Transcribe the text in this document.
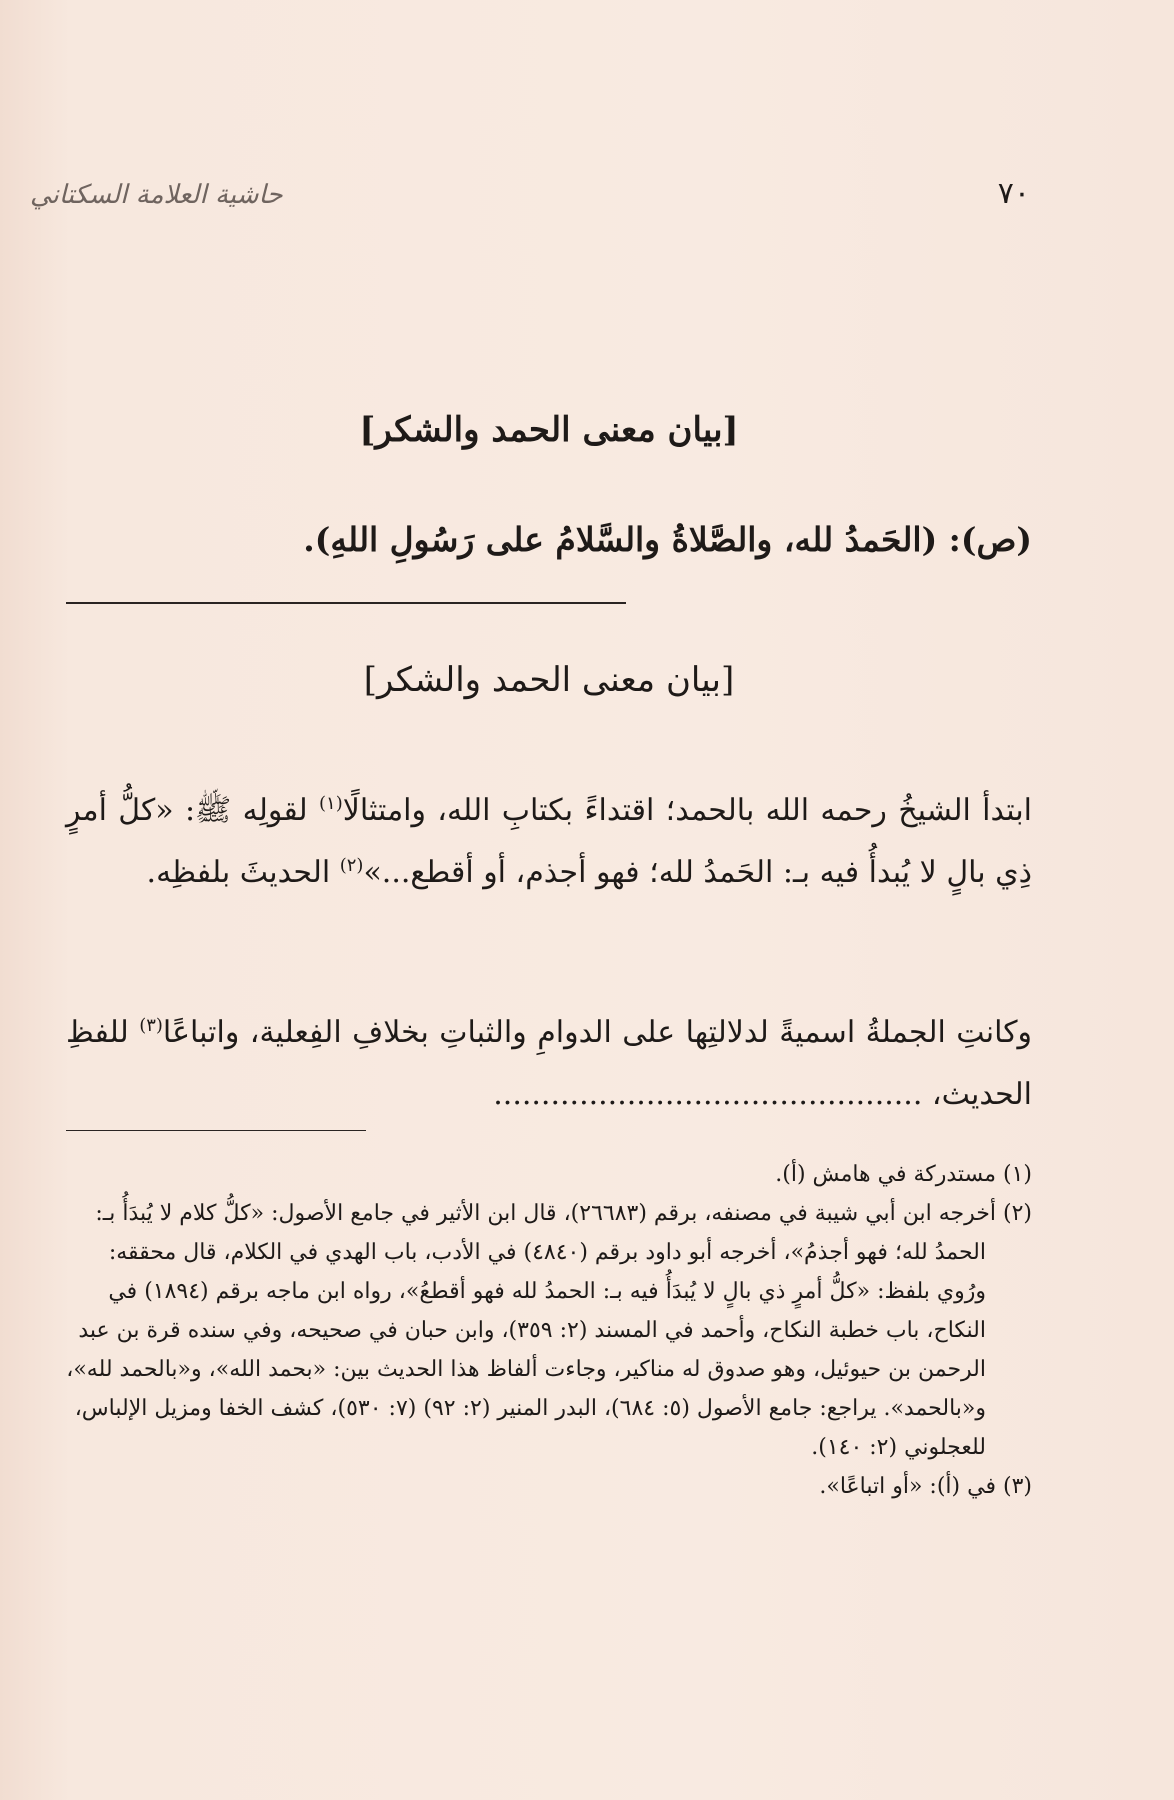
حاشية العلامة السكتاني	٧٠
[بيان معنى الحمد والشكر]
(ص): (الحَمدُ لله، والصَّلاةُ والسَّلامُ على رَسُولِ اللهِ).
[بيان معنى الحمد والشكر]

ابتدأ الشيخُ رحمه الله بالحمد؛ اقتداءً بكتابِ الله، وامتثالًا$^{(١)}$ لقولِه ﷺ: «كلُّ أمرٍ ذِي بالٍ لا يُبدأُ فيه بـ: الحَمدُ لله؛ فهو أجذم، أو أقطع...»$^{(٢)}$ الحديثَ بلفظِه.

وكانتِ الجملةُ اسميةً لدلالتِها على الدوامِ والثباتِ بخلافِ الفِعلية، واتباعًا$^{(٣)}$ للفظِ الحديث، .............................................

(١) مستدركة في هامش (أ).

(٢) أخرجه ابن أبي شيبة في مصنفه، برقم (٢٦٦٨٣)، قال ابن الأثير في جامع الأصول: «كلُّ كلام لا يُبدَأُ بـ: الحمدُ لله؛ فهو أجذمُ»، أخرجه أبو داود برقم (٤٨٤٠) في الأدب، باب الهدي في الكلام، قال محققه: ورُوي بلفظ: «كلُّ أمرٍ ذي بالٍ لا يُبدَأُ فيه بـ: الحمدُ لله فهو أقطعُ»، رواه ابن ماجه برقم (١٨٩٤) في النكاح، باب خطبة النكاح، وأحمد في المسند (٢: ٣٥٩)، وابن حبان في صحيحه، وفي سنده قرة بن عبد الرحمن بن حيوئيل، وهو صدوق له مناكير، وجاءت ألفاظ هذا الحديث بين: «بحمد الله»، و«بالحمد لله»، و«بالحمد». يراجع: جامع الأصول (٥: ٦٨٤)، البدر المنير (٢: ٩٢) (٧: ٥٣٠)، كشف الخفا ومزيل الإلباس، للعجلوني (٢: ١٤٠).

(٣) في (أ): «أو اتباعًا».
